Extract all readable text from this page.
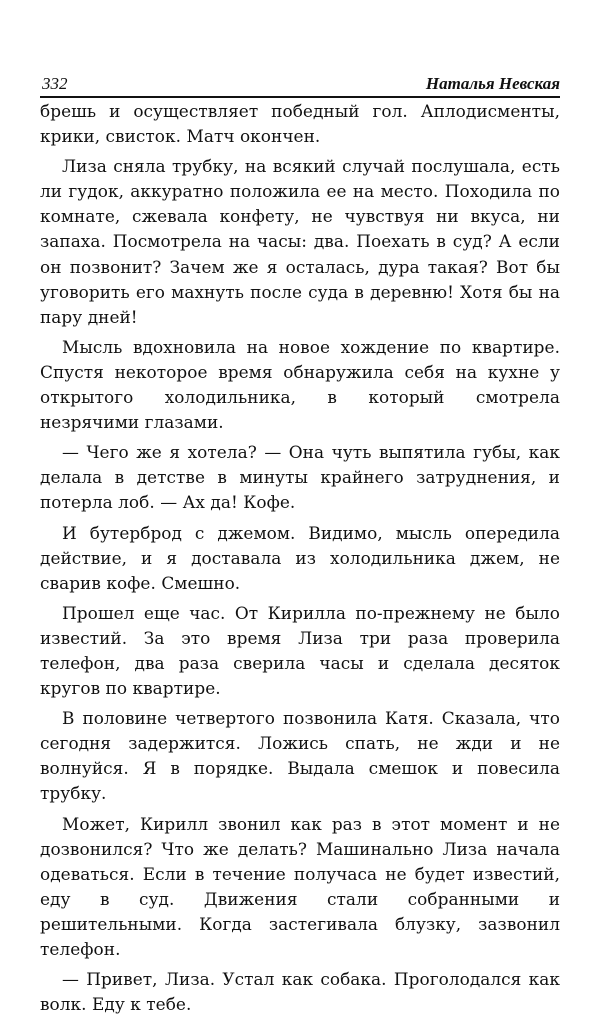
332	Наталья Невская

брешь и осуществляет победный гол. Аплодисменты, крики, свисток. Матч окончен.

Лиза сняла трубку, на всякий случай послушала, есть ли гудок, аккуратно положила ее на место. Походила по комнате, сжевала конфету, не чувствуя ни вкуса, ни запаха. Посмотрела на часы: два. Поехать в суд? А если он позвонит? Зачем же я осталась, дура такая? Вот бы уговорить его махнуть после суда в деревню! Хотя бы на пару дней!

Мысль вдохновила на новое хождение по квартире. Спустя некоторое время обнаружила себя на кухне у открытого холодильника, в который смотрела незрячими глазами.

— Чего же я хотела? — Она чуть выпятила губы, как делала в детстве в минуты крайнего затруднения, и потерла лоб. — Ах да! Кофе.

И бутерброд с джемом. Видимо, мысль опередила действие, и я доставала из холодильника джем, не сварив кофе. Смешно.

Прошел еще час. От Кирилла по-прежнему не было известий. За это время Лиза три раза проверила телефон, два раза сверила часы и сделала десяток кругов по квартире.

В половине четвертого позвонила Катя. Сказала, что сегодня задержится. Ложись спать, не жди и не волнуйся. Я в порядке. Выдала смешок и повесила трубку.

Может, Кирилл звонил как раз в этот момент и не дозвонился? Что же делать? Машинально Лиза начала одеваться. Если в течение получаса не будет известий, еду в суд. Движения стали собранными и решительными. Когда застегивала блузку, зазвонил телефон.

— Привет, Лиза. Устал как собака. Проголодался как волк. Еду к тебе.
